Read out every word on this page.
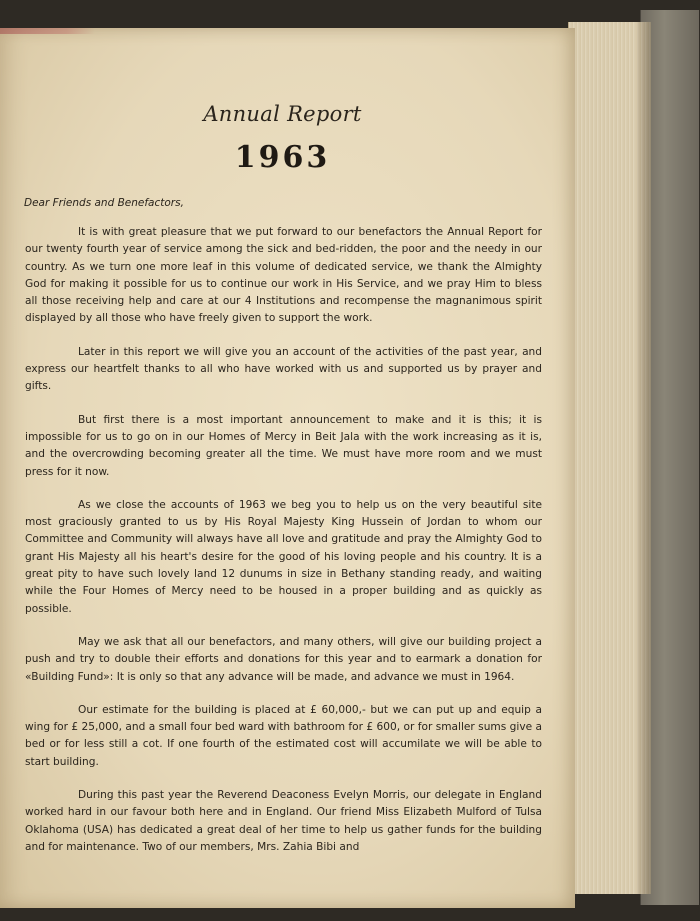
Annual Report
1963
Dear Friends and Benefactors,

It is with great pleasure that we put forward to our benefactors the Annual Report for our twenty fourth year of service among the sick and bed-ridden, the poor and the needy in our country. As we turn one more leaf in this volume of dedicated service, we thank the Almighty God for making it possible for us to continue our work in His Service, and we pray Him to bless all those receiving help and care at our 4 Institutions and recompense the magnanimous spirit displayed by all those who have freely given to support the work.

Later in this report we will give you an account of the activities of the past year, and express our heartfelt thanks to all who have worked with us and supported us by prayer and gifts.

But first there is a most important announcement to make and it is this; it is impossible for us to go on in our Homes of Mercy in Beit Jala with the work increasing as it is, and the overcrowding becoming greater all the time. We must have more room and we must press for it now.

As we close the accounts of 1963 we beg you to help us on the very beautiful site most graciously granted to us by His Royal Majesty King Hussein of Jordan to whom our Committee and Community will always have all love and gratitude and pray the Almighty God to grant His Majesty all his heart's desire for the good of his loving people and his country. It is a great pity to have such lovely land 12 dunums in size in Bethany standing ready, and waiting while the Four Homes of Mercy need to be housed in a proper building and as quickly as possible.

May we ask that all our benefactors, and many others, will give our building project a push and try to double their efforts and donations for this year and to earmark a donation for «Building Fund»: It is only so that any advance will be made, and advance we must in 1964.

Our estimate for the building is placed at £ 60,000,- but we can put up and equip a wing for £ 25,000, and a small four bed ward with bathroom for £ 600, or for smaller sums give a bed or for less still a cot. If one fourth of the estimated cost will accumilate we will be able to start building.

During this past year the Reverend Deaconess Evelyn Morris, our delegate in England worked hard in our favour both here and in England. Our friend Miss Elizabeth Mulford of Tulsa Oklahoma (USA) has dedicated a great deal of her time to help us gather funds for the building and for maintenance. Two of our members, Mrs. Zahia Bibi and
